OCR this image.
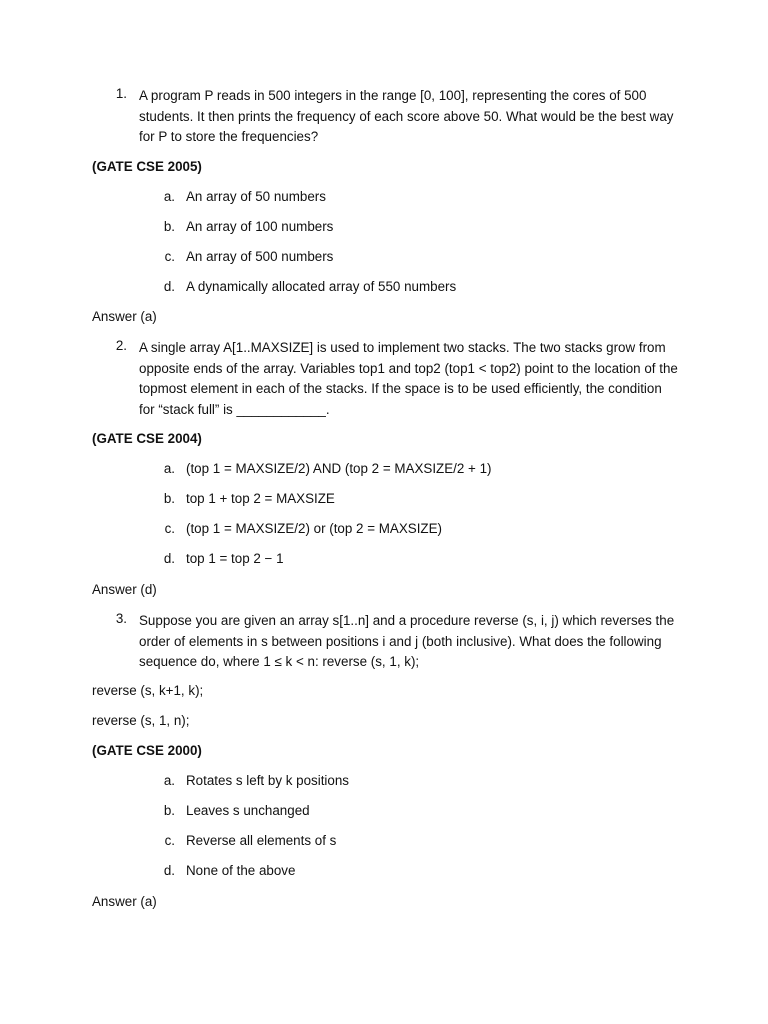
1. A program P reads in 500 integers in the range [0, 100], representing the cores of 500 students. It then prints the frequency of each score above 50. What would be the best way for P to store the frequencies?
(GATE CSE 2005)
a. An array of 50 numbers
b. An array of 100 numbers
c. An array of 500 numbers
d. A dynamically allocated array of 550 numbers
Answer (a)
2. A single array A[1..MAXSIZE] is used to implement two stacks. The two stacks grow from opposite ends of the array. Variables top1 and top2 (top1 < top2) point to the location of the topmost element in each of the stacks. If the space is to be used efficiently, the condition for “stack full” is ____________.
(GATE CSE 2004)
a. (top 1 = MAXSIZE/2) AND (top 2 = MAXSIZE/2 + 1)
b. top 1 + top 2 = MAXSIZE
c. (top 1 = MAXSIZE/2) or (top 2 = MAXSIZE)
d. top 1 = top 2 − 1
Answer (d)
3. Suppose you are given an array s[1..n] and a procedure reverse (s, i, j) which reverses the order of elements in s between positions i and j (both inclusive). What does the following sequence do, where 1 ≤ k < n: reverse (s, 1, k);
reverse (s, k+1, k);
reverse (s, 1, n);
(GATE CSE 2000)
a. Rotates s left by k positions
b. Leaves s unchanged
c. Reverse all elements of s
d. None of the above
Answer (a)
